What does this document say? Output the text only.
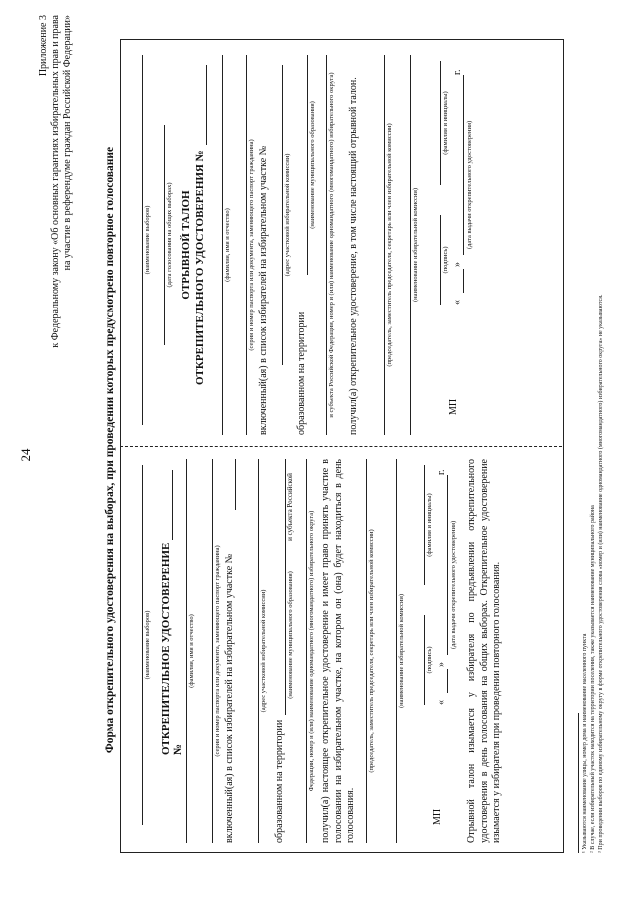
24
Приложение 3 к Федеральному закону «Об основных гарантиях избирательных прав и права на участие в референдуме граждан Российской Федерации»
Форма открепительного удостоверения на выборах, при проведении которых предусмотрено повторное голосование	(наименование выборов) ОТКРЕПИТЕЛЬНОЕ УДОСТОВЕРЕНИЕ №
(фамилия, имя и отчество)	(серия и номер паспорта или документа, заменяющего паспорт гражданина) включенный(ая) в список избирателей на избирательном участке №	(адрес участковой избирательной комиссии)
образованном на территории
(наименование муниципального образования)
и субъекта Российской
Федерации, номер и (или) наименование одномандатного (многомандатного) избирательного округа) получил(а) настоящее открепительное удостоверение и имеет право принять участие в голосовании на избирательном участке, на котором он (она) будет находиться в день голосования.
(председатель, заместитель председателя, секретарь или член избирательной комиссии)	(наименование избирательной комиссии)
МП
(подпись)
(фамилия и инициалы)
«
»
г.
(дата выдачи открепительного удостоверения) Отрывной талон изымается у избирателя по предъявлении открепительного удостоверения в день голосования на общих выборах. Открепительное удостоверение изымается у избирателя при проведении повторного голосования.
(наименование выборов) (дата голосования на общих выборах) ОТРЫВНОЙ ТАЛОН ОТКРЕПИТЕЛЬНОГО УДОСТОВЕРЕНИЯ №	(фамилия, имя и отчество)	(серия и номер паспорта или документа, заменяющего паспорт гражданина) включенный(ая) в список избирателей на избирательном участке № (адрес участковой избирательной комиссии)
образованном на территории
(наименование муниципального образования) и субъекта Российской Федерации, номер и (или) наименование одномандатного (многомандатного) избирательного округа) получил(а) открепительное удостоверение, в том числе настоящий отрывной талон.	(председатель, заместитель председателя, секретарь или член избирательной комиссии)	(наименование избирательной комиссии)
МП
(подпись)
(фамилия и инициалы)
«
»
г.
(дата выдачи открепительного удостоверения)
¹ Указываются наименование улицы, номер дома и наименование населенного пункта ² В случае, если избирательный участок находится на территории поселения, также указывается наименование муниципального района ³ При проведении выборов по единому избирательному округу в форме открепительного удостоверения слова «номер и (или) наименование одномандатного (многомандатного) избирательного округа» не указываются.
